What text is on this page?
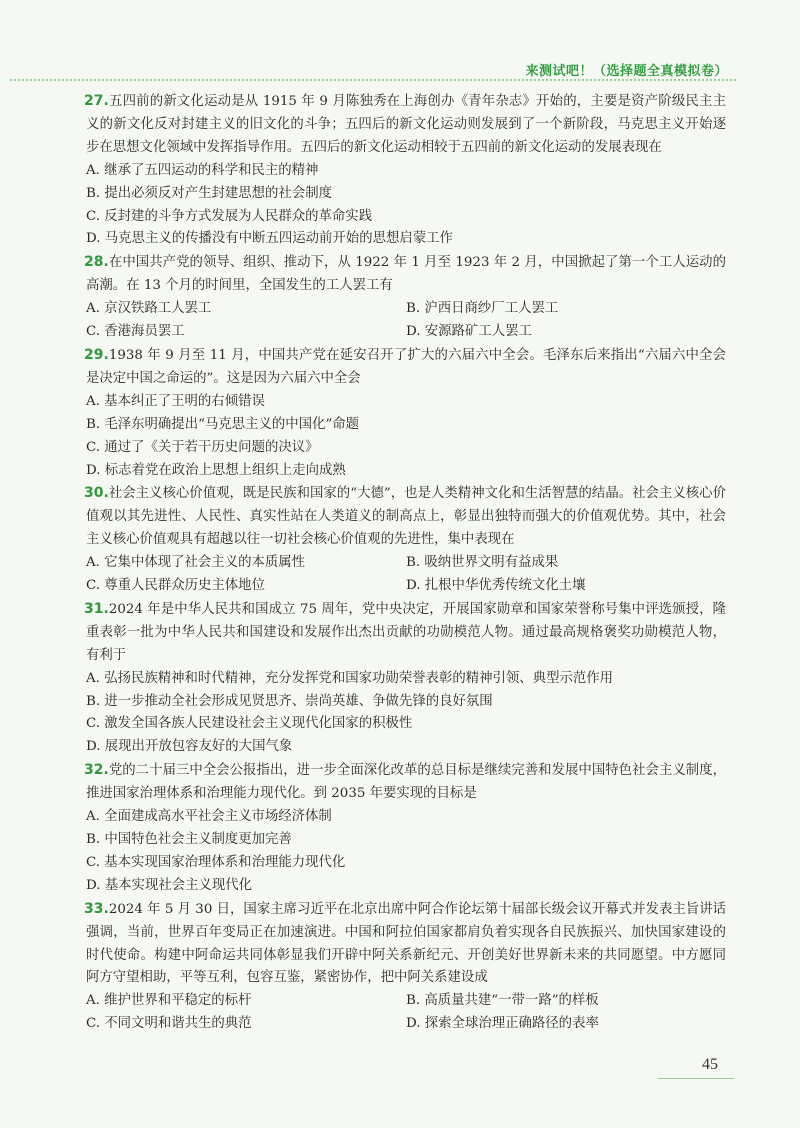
来测试吧！（选择题全真模拟卷）

27.五四前的新文化运动是从 1915 年 9 月陈独秀在上海创办《青年杂志》开始的，主要是资产阶级民主主义的新文化反对封建主义的旧文化的斗争；五四后的新文化运动则发展到了一个新阶段，马克思主义开始逐步在思想文化领域中发挥指导作用。五四后的新文化运动相较于五四前的新文化运动的发展表现在

A. 继承了五四运动的科学和民主的精神

B. 提出必须反对产生封建思想的社会制度

C. 反封建的斗争方式发展为人民群众的革命实践

D. 马克思主义的传播没有中断五四运动前开始的思想启蒙工作

28.在中国共产党的领导、组织、推动下，从 1922 年 1 月至 1923 年 2 月，中国掀起了第一个工人运动的高潮。在 13 个月的时间里，全国发生的工人罢工有

A. 京汉铁路工人罢工	B. 沪西日商纱厂工人罢工

C. 香港海员罢工	D. 安源路矿工人罢工

29.1938 年 9 月至 11 月，中国共产党在延安召开了扩大的六届六中全会。毛泽东后来指出“六届六中全会是决定中国之命运的”。这是因为六届六中全会

A. 基本纠正了王明的右倾错误

B. 毛泽东明确提出“马克思主义的中国化”命题

C. 通过了《关于若干历史问题的决议》

D. 标志着党在政治上思想上组织上走向成熟

30.社会主义核心价值观，既是民族和国家的“大德”，也是人类精神文化和生活智慧的结晶。社会主义核心价值观以其先进性、人民性、真实性站在人类道义的制高点上，彰显出独特而强大的价值观优势。其中，社会主义核心价值观具有超越以往一切社会核心价值观的先进性，集中表现在

A. 它集中体现了社会主义的本质属性	B. 吸纳世界文明有益成果

C. 尊重人民群众历史主体地位	D. 扎根中华优秀传统文化土壤

31.2024 年是中华人民共和国成立 75 周年，党中央决定，开展国家勋章和国家荣誉称号集中评选颁授，隆重表彰一批为中华人民共和国建设和发展作出杰出贡献的功勋模范人物。通过最高规格褒奖功勋模范人物，有利于

A. 弘扬民族精神和时代精神，充分发挥党和国家功勋荣誉表彰的精神引领、典型示范作用

B. 进一步推动全社会形成见贤思齐、崇尚英雄、争做先锋的良好氛围

C. 激发全国各族人民建设社会主义现代化国家的积极性

D. 展现出开放包容友好的大国气象

32.党的二十届三中全会公报指出，进一步全面深化改革的总目标是继续完善和发展中国特色社会主义制度，推进国家治理体系和治理能力现代化。到 2035 年要实现的目标是

A. 全面建成高水平社会主义市场经济体制

B. 中国特色社会主义制度更加完善

C. 基本实现国家治理体系和治理能力现代化

D. 基本实现社会主义现代化

33.2024 年 5 月 30 日，国家主席习近平在北京出席中阿合作论坛第十届部长级会议开幕式并发表主旨讲话强调，当前，世界百年变局正在加速演进。中国和阿拉伯国家都肩负着实现各自民族振兴、加快国家建设的时代使命。构建中阿命运共同体彰显我们开辟中阿关系新纪元、开创美好世界新未来的共同愿望。中方愿同阿方守望相助，平等互利，包容互鉴，紧密协作，把中阿关系建设成

A. 维护世界和平稳定的标杆	B. 高质量共建“一带一路”的样板

C. 不同文明和谐共生的典范	D. 探索全球治理正确路径的表率

45
